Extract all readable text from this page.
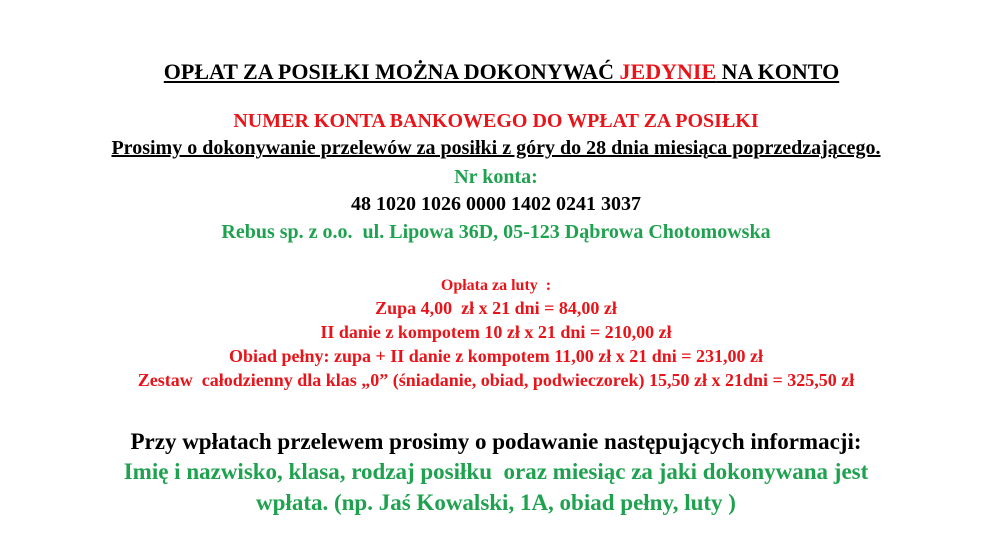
OPŁAT ZA POSIŁKI MOŻNA DOKONYWAĆ JEDYNIE NA KONTO

NUMER KONTA BANKOWEGO DO WPŁAT ZA POSIŁKI
Prosimy o dokonywanie przelewów za posiłki z góry do 28 dnia miesiąca poprzedzającego.
Nr konta:
48 1020 1026 0000 1402 0241 3037
Rebus sp. z o.o.  ul. Lipowa 36D, 05-123 Dąbrowa Chotomowska
Opłata za luty  :
Zupa 4,00  zł x 21 dni = 84,00 zł
II danie z kompotem 10 zł x 21 dni = 210,00 zł
Obiad pełny: zupa + II danie z kompotem 11,00 zł x 21 dni = 231,00 zł
Zestaw  całodzienny dla klas „0” (śniadanie, obiad, podwieczorek) 15,50 zł x 21dni = 325,50 zł
Przy wpłatach przelewem prosimy o podawanie następujących informacji:
Imię i nazwisko, klasa, rodzaj posiłku  oraz miesiąc za jaki dokonywana jest
wpłata. (np. Jaś Kowalski, 1A, obiad pełny, luty )
